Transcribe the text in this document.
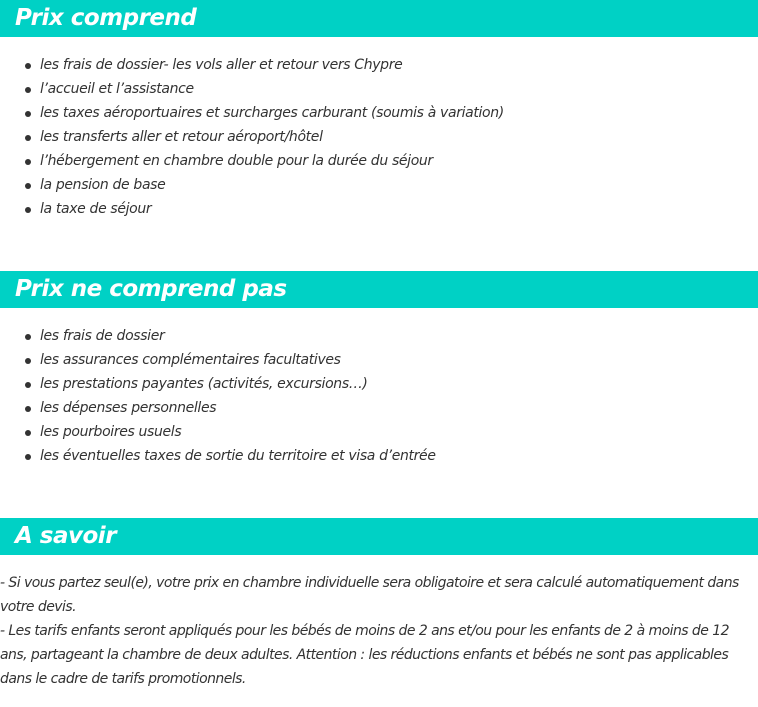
Prix comprend
les frais de dossier- les vols aller et retour vers Chypre
l’accueil et l’assistance
les taxes aéroportuaires et surcharges carburant (soumis à variation)
les transferts aller et retour aéroport/hôtel
l’hébergement en chambre double pour la durée du séjour
la pension de base
la taxe de séjour
Prix ne comprend pas
les frais de dossier
les assurances complémentaires facultatives
les prestations payantes (activités, excursions…)
les dépenses personnelles
les pourboires usuels
les éventuelles taxes de sortie du territoire et visa d’entrée
A savoir

- Si vous partez seul(e), votre prix en chambre individuelle sera obligatoire et sera calculé automatiquement dans votre devis.

- Les tarifs enfants seront appliqués pour les bébés de moins de 2 ans et/ou pour les enfants de 2 à moins de 12 ans, partageant la chambre de deux adultes. Attention : les réductions enfants et bébés ne sont pas applicables dans le cadre de tarifs promotionnels.
